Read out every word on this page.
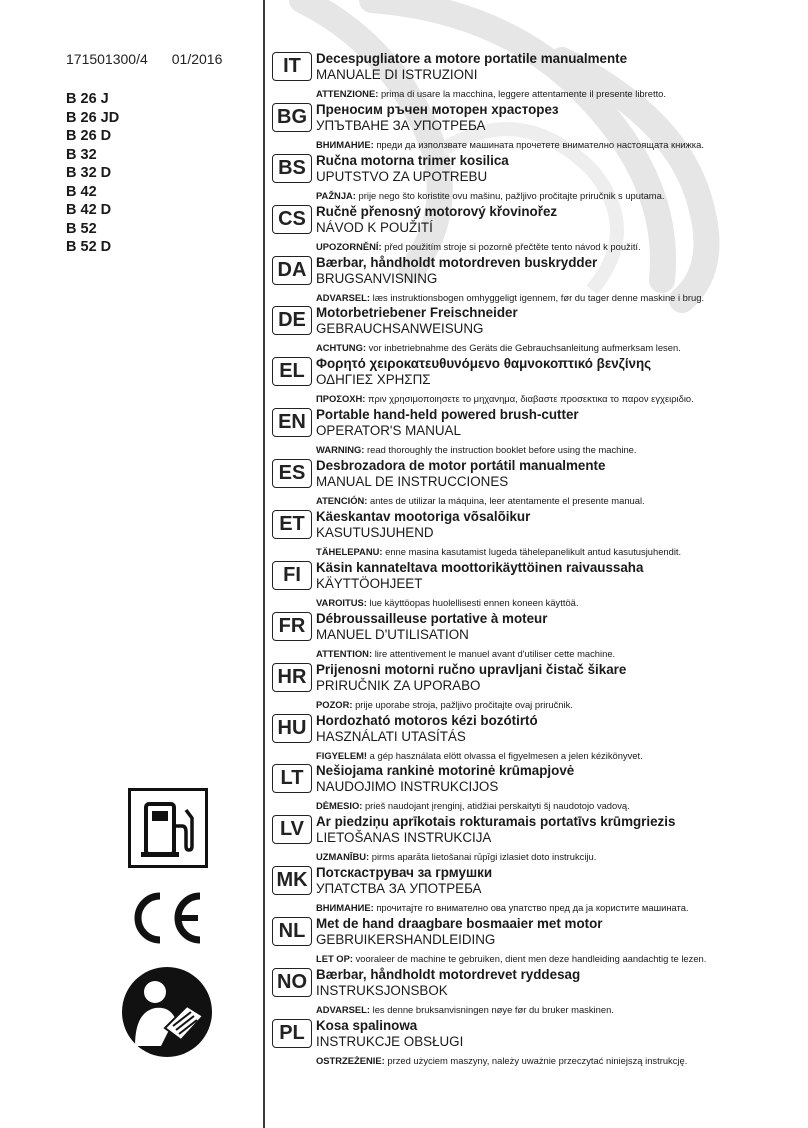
171501300/4 01/2016
B 26 J
B 26 JD
B 26 D
B 32
B 32 D
B 42
B 42 D
B 52
B 52 D
IT	Decespugliatore a motore portatile manualmente
MANUALE DI ISTRUZIONI
ATTENZIONE: prima di usare la macchina, leggere attentamente il presente libretto.
BG Преносим ръчен моторен храсторез
УПЪТВАНЕ ЗА УПОТРЕБА
ВНИМАНИЕ: преди да използвате машината прочетете внимателно настоящата книжка.
BS Ručna motorna trimer kosilica
UPUTSTVO ZA UPOTREBU
PAŽNJA: prije nego što koristite ovu mašinu, pažljivo pročitajte priručnik s uputama.
CS Ručně přenosný motorový křovinořez
NÁVOD K POUŽITÍ
UPOZORNĚNÍ: před použitím stroje si pozorně přečtěte tento návod k použití.
DA Bærbar, håndholdt motordreven buskrydder
BRUGSANVISNING
ADVARSEL: læs instruktionsbogen omhyggeligt igennem, før du tager denne maskine i brug.
DE Motorbetriebener Freischneider
GEBRAUCHSANWEISUNG
ACHTUNG: vor inbetriebnahme des Geräts die Gebrauchsanleitung aufmerksam lesen.
EL Φορητό χειροκατευθυνόμενο θαμνοκοπτικό βενζίνης
ΟΔΗΓΙΕΣ ΧΡΗΣΠΣ
ΠΡΟΣΟΧΗ: πριν χρησιμοποιησετε το μηχανημα, διαβαστε προσεκτικα το παρον εγχειριδιο.
EN Portable hand-held powered brush-cutter
OPERATOR'S MANUAL
WARNING: read thoroughly the instruction booklet before using the machine.
ES Desbrozadora de motor portátil manualmente
MANUAL DE INSTRUCCIONES
ATENCIÓN: antes de utilizar la máquina, leer atentamente el presente manual.
ET Käeskantav mootoriga võsalõikur
KASUTUSJUHEND
TÄHELEPANU: enne masina kasutamist lugeda tähelepanelikult antud kasutusjuhendit.
FI	Käsin kannateltava moottorikäyttöinen raivaussaha
KÄYTTÖOHJEET
VAROITUS: lue käyttöopas huolellisesti ennen koneen käyttöä.
FR Débroussailleuse portative à moteur
MANUEL D'UTILISATION
ATTENTION: lire attentivement le manuel avant d'utiliser cette machine.
HR Prijenosni motorni ručno upravljani čistač šikare
PRIRUČNIK ZA UPORABO
POZOR: prije uporabe stroja, pažljivo pročitajte ovaj priručnik.
HU Hordozható motoros kézi bozótirtó
HASZNÁLATI UTASÍTÁS
FIGYELEM! a gép használata elött olvassa el figyelmesen a jelen kézikönyvet.
LT Nešiojama rankinė motorinė krūmapjovė
NAUDOJIMO INSTRUKCIJOS
DĖMESIO: prieš naudojant įrenginį, atidžiai perskaityti šį naudotojo vadovą.
LV Ar piedziņu aprīkotais rokturamais portatīvs krūmgriezis
LIETOŠANAS INSTRUKCIJA
UZMANĪBU: pirms aparāta lietošanai rūpīgi izlasiet doto instrukciju.
MK Потскаструвач за грмушки
УПАТСТВА ЗА УПОТРЕБА
ВНИМАНИЕ: прочитајте го внимателно ова упатство пред да ја користите машината.
NL Met de hand draagbare bosmaaier met motor
GEBRUIKERSHANDLEIDING
LET OP: vooraleer de machine te gebruiken, dient men deze handleiding aandachtig te lezen.
NO Bærbar, håndholdt motordrevet ryddesag
INSTRUKSJONSBOK
ADVARSEL: les denne bruksanvisningen nøye før du bruker maskinen.
PL Kosa spalinowa
INSTRUKCJE OBSŁUGI
OSTRZEŻENIE: przed użyciem maszyny, należy uważnie przeczytać niniejszą instrukcję.
